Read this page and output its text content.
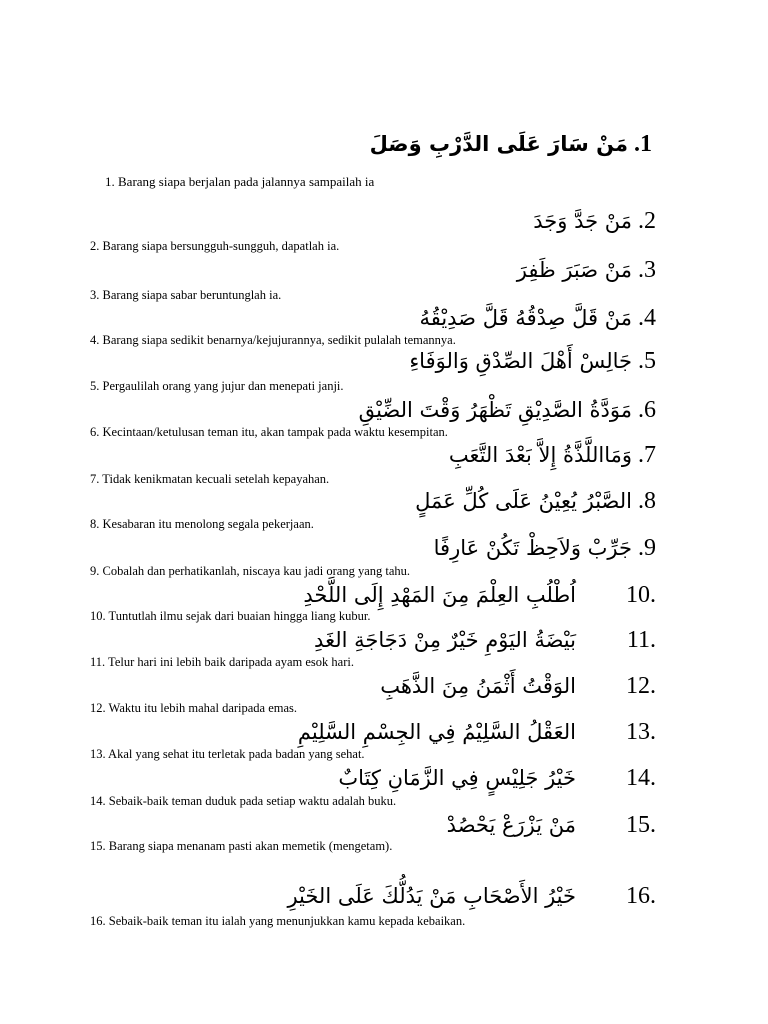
1.مَنْ سَارَ عَلَى الدَّرْبِ وَصَلَ
1. Barang siapa berjalan pada jalannya sampailah ia
2.مَنْ جَدَّ وَجَدَ
2. Barang siapa bersungguh-sungguh, dapatlah ia.
3.مَنْ صَبَرَ ظَفِرَ
3. Barang siapa sabar beruntunglah ia.
4.مَنْ قَلَّ صِدْقُهُ قَلَّ صَدِيْقُهُ
4. Barang siapa sedikit benarnya/kejujurannya, sedikit pulalah temannya.
5.جَالِسْ أَهْلَ الصِّدْقِ وَالوَفَاءِ
5. Pergaulilah orang yang jujur dan menepati janji.
6.مَوَدَّةُ الصَّدِيْقِ تَظْهَرُ وَقْتَ الضِّيْقِ
6. Kecintaan/ketulusan teman itu, akan tampak pada waktu kesempitan.
7.وَمَااللَّذَّةُ إِلاَّ بَعْدَ التَّعَبِ
7. Tidak kenikmatan kecuali setelah kepayahan.
8.الصَّبْرُ يُعِيْنُ عَلَى كُلِّ عَمَلٍ
8. Kesabaran itu menolong segala pekerjaan.
9.جَرِّبْ وَلاَحِظْ تَكُنْ عَارِفًا
9. Cobalah dan perhatikanlah, niscaya kau jadi orang yang tahu.
.10اُطْلُبِ العِلْمَ مِنَ المَهْدِ إِلَى اللَّحْدِ
10. Tuntutlah ilmu sejak dari buaian hingga liang kubur.
.11بَيْضَةُ اليَوْمِ خَيْرٌ مِنْ دَجَاجَةِ الغَدِ
11. Telur hari ini lebih baik daripada ayam esok hari.
.12الوَقْتُ أَثْمَنُ مِنَ الذَّهَبِ
12. Waktu itu lebih mahal daripada emas.
.13العَقْلُ السَّلِيْمُ فِي الجِسْمِ السَّلِيْمِ
13. Akal yang sehat itu terletak pada badan yang sehat.
.14خَيْرُ جَلِيْسٍ فِي الزَّمَانِ كِتَابٌ
14. Sebaik-baik teman duduk pada setiap waktu adalah buku.
.15مَنْ يَزْرَعْ يَحْصُدْ
15. Barang siapa menanam pasti akan memetik (mengetam).
.16خَيْرُ الأَصْحَابِ مَنْ يَدُلُّكَ عَلَى الخَيْرِ
16. Sebaik-baik teman itu ialah yang menunjukkan kamu kepada kebaikan.
